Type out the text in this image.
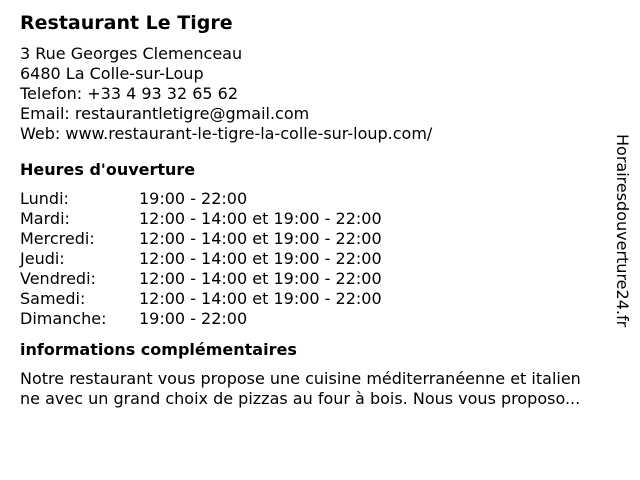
Restaurant Le Tigre
3 Rue Georges Clemenceau
6480 La Colle-sur-Loup
Telefon: +33 4 93 32 65 62
Email: restaurantletigre@gmail.com
Web: www.restaurant-le-tigre-la-colle-sur-loup.com/
Heures d'ouverture
Lundi:	19:00 - 22:00
Mardi:	12:00 - 14:00 et 19:00 - 22:00
Mercredi:	12:00 - 14:00 et 19:00 - 22:00
Jeudi:	12:00 - 14:00 et 19:00 - 22:00
Vendredi:	12:00 - 14:00 et 19:00 - 22:00
Samedi:	12:00 - 14:00 et 19:00 - 22:00
Dimanche:	19:00 - 22:00
informations complémentaires
Notre restaurant vous propose une cuisine méditerranéenne et italien
ne avec un grand choix de pizzas au four à bois. Nous vous proposo...
Horairesdouverture24.fr
